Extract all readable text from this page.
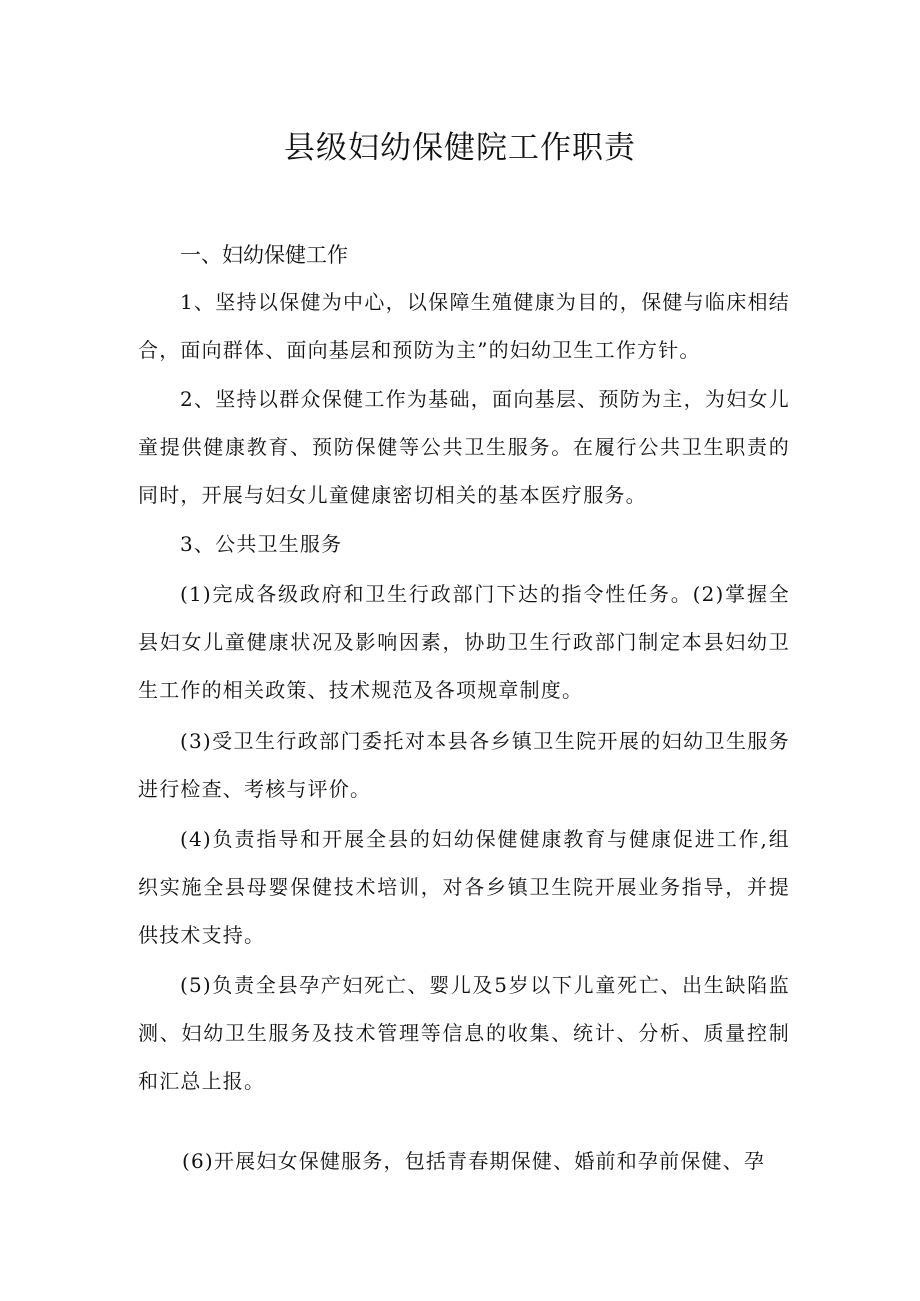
县级妇幼保健院工作职责
一、妇幼保健工作

1、坚持以保健为中心，以保障生殖健康为目的，保健与临床相结合，面向群体、面向基层和预防为主”的妇幼卫生工作方针。

2、坚持以群众保健工作为基础，面向基层、预防为主，为妇女儿童提供健康教育、预防保健等公共卫生服务。在履行公共卫生职责的同时，开展与妇女儿童健康密切相关的基本医疗服务。

3、公共卫生服务

(1)完成各级政府和卫生行政部门下达的指令性任务。(2)掌握全县妇女儿童健康状况及影响因素，协助卫生行政部门制定本县妇幼卫生工作的相关政策、技术规范及各项规章制度。

(3)受卫生行政部门委托对本县各乡镇卫生院开展的妇幼卫生服务进行检查、考核与评价。

(4)负责指导和开展全县的妇幼保健健康教育与健康促进工作,组织实施全县母婴保健技术培训，对各乡镇卫生院开展业务指导，并提供技术支持。

(5)负责全县孕产妇死亡、婴儿及5岁以下儿童死亡、出生缺陷监测、妇幼卫生服务及技术管理等信息的收集、统计、分析、质量控制和汇总上报。

(6)开展妇女保健服务，包括青春期保健、婚前和孕前保健、孕
